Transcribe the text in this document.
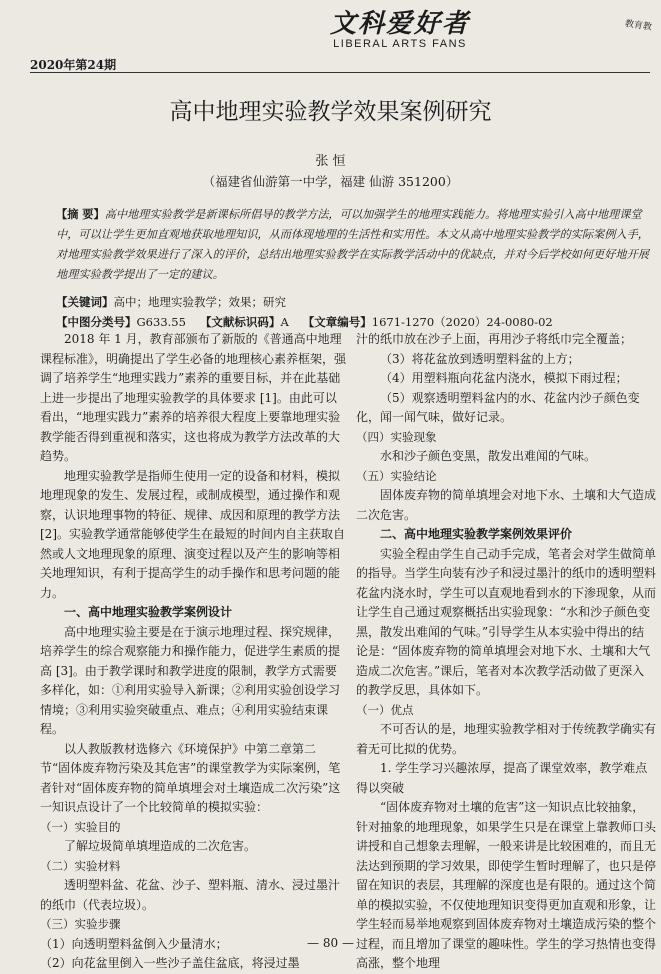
文科爱好者
LIBERAL ARTS FANS
教育教
2020年第24期
高中地理实验教学效果案例研究
张 恒
（福建省仙游第一中学，福建 仙游 351200）
【摘 要】高中地理实验教学是新课标所倡导的教学方法，可以加强学生的地理实践能力。将地理实验引入高中地理课堂中，可以让学生更加直观地获取地理知识，从而体现地理的生活性和实用性。本文从高中地理实验教学的实际案例入手，对地理实验教学效果进行了深入的评价，总结出地理实验教学在实际教学活动中的优缺点，并对今后学校如何更好地开展地理实验教学提出了一定的建议。
【关键词】高中；地理实验教学；效果；研究
【中图分类号】G633.55 【文献标识码】A 【文章编号】1671-1270（2020）24-0080-02

2018 年 1 月，教育部颁布了新版的《普通高中地理课程标准》，明确提出了学生必备的地理核心素养框架，强调了培养学生“地理实践力”素养的重要目标，并在此基础上进一步提出了地理实验教学的具体要求 [1]。由此可以看出，“地理实践力”素养的培养很大程度上要靠地理实验教学能否得到重视和落实，这也将成为教学方法改革的大趋势。

地理实验教学是指师生使用一定的设备和材料，模拟地理现象的发生、发展过程，或制成模型，通过操作和观察，认识地理事物的特征、规律、成因和原理的教学方法 [2]。实验教学通常能够使学生在最短的时间内自主获取自然或人文地理现象的原理、演变过程以及产生的影响等相关地理知识，有利于提高学生的动手操作和思考问题的能力。

一、高中地理实验教学案例设计

高中地理实验主要是在于演示地理过程、探究规律，培养学生的综合观察能力和操作能力，促进学生素质的提高 [3]。由于教学课时和教学进度的限制，教学方式需要多样化，如：①利用实验导入新课；②利用实验创设学习情境；③利用实验突破重点、难点；④利用实验结束课程。

以人教版教材选修六《环境保护》中第二章第二节“固体废弃物污染及其危害”的课堂教学为实际案例，笔者针对“固体废弃物的简单填埋会对土壤造成二次污染”这一知识点设计了一个比较简单的模拟实验：

（一）实验目的

了解垃圾简单填埋造成的二次危害。

（二）实验材料

透明塑料盆、花盆、沙子、塑料瓶、清水、浸过墨汁的纸巾（代表垃圾）。

（三）实验步骤

（1）向透明塑料盆倒入少量清水；

（2）向花盆里倒入一些沙子盖住盆底，将浸过墨

汁的纸巾放在沙子上面，再用沙子将纸巾完全覆盖；

（3）将花盆放到透明塑料盆的上方；

（4）用塑料瓶向花盆内浇水，模拟下雨过程；

（5）观察透明塑料盆内的水、花盆内沙子颜色变化，闻一闻气味，做好记录。

（四）实验现象

水和沙子颜色变黑，散发出难闻的气味。

（五）实验结论

固体废弃物的简单填埋会对地下水、土壤和大气造成二次危害。

二、高中地理实验教学案例效果评价

实验全程由学生自己动手完成，笔者会对学生做简单的指导。当学生向装有沙子和浸过墨汁的纸巾的透明塑料花盆内浇水时，学生可以直观地看到水的下渗现象，从而让学生自己通过观察概括出实验现象：“水和沙子颜色变黑，散发出难闻的气味。”引导学生从本实验中得出的结论是：“固体废弃物的简单填埋会对地下水、土壤和大气造成二次危害。”课后，笔者对本次教学活动做了更深入的教学反思，具体如下。

（一）优点

不可否认的是，地理实验教学相对于传统教学确实有着无可比拟的优势。

1. 学生学习兴趣浓厚，提高了课堂效率，教学难点得以突破

“固体废弃物对土壤的危害”这一知识点比较抽象，针对抽象的地理现象，如果学生只是在课堂上靠教师口头讲授和自己想象去理解，一般来讲是比较困难的，而且无法达到预期的学习效果，即使学生暂时理解了，也只是停留在知识的表层，其理解的深度也是有限的。通过这个简单的模拟实验，不仅使地理知识变得更加直观和形象，让学生轻而易举地观察到固体废弃物对土壤造成污染的整个过程，而且增加了课堂的趣味性。学生的学习热情也变得高涨，整个地理

— 80 —
